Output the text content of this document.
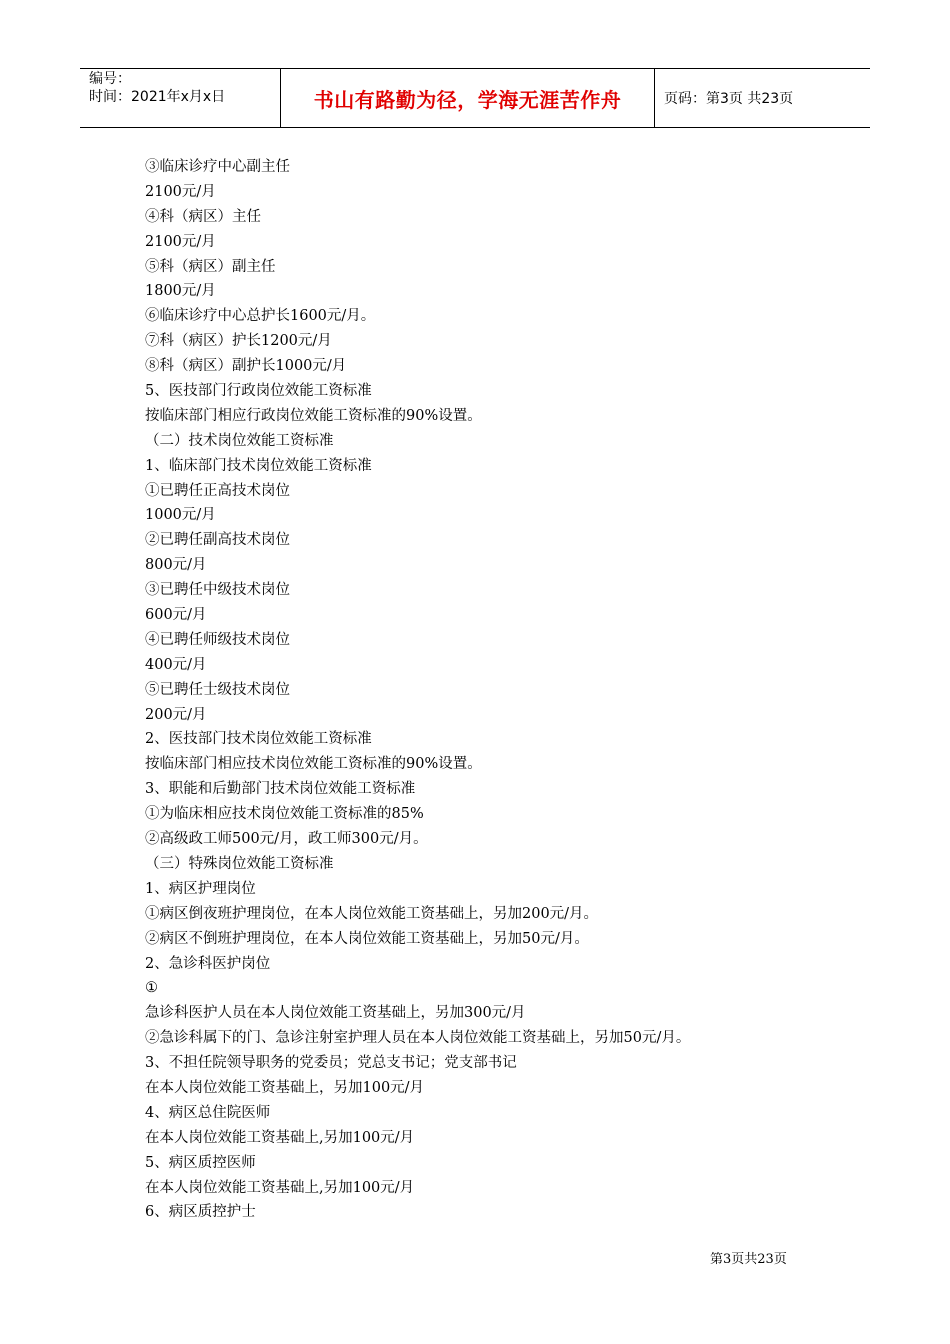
编号：
时间：2021年x月x日	书山有路勤为径，学海无涯苦作舟	页码：第3页 共23页
③临床诊疗中心副主任
2100元/月
④科（病区）主任
2100元/月
⑤科（病区）副主任
1800元/月
⑥临床诊疗中心总护长1600元/月。
⑦科（病区）护长1200元/月
⑧科（病区）副护长1000元/月
5、医技部门行政岗位效能工资标准
按临床部门相应行政岗位效能工资标准的90%设置。
（二）技术岗位效能工资标准
1、临床部门技术岗位效能工资标准
①已聘任正高技术岗位
1000元/月
②已聘任副高技术岗位
800元/月
③已聘任中级技术岗位
600元/月
④已聘任师级技术岗位
400元/月
⑤已聘任士级技术岗位
200元/月
2、医技部门技术岗位效能工资标准
按临床部门相应技术岗位效能工资标准的90%设置。
3、职能和后勤部门技术岗位效能工资标准
①为临床相应技术岗位效能工资标准的85%
②高级政工师500元/月，政工师300元/月。
（三）特殊岗位效能工资标准
1、病区护理岗位
①病区倒夜班护理岗位，在本人岗位效能工资基础上，另加200元/月。
②病区不倒班护理岗位，在本人岗位效能工资基础上，另加50元/月。
2、急诊科医护岗位
①
急诊科医护人员在本人岗位效能工资基础上，另加300元/月
②急诊科属下的门、急诊注射室护理人员在本人岗位效能工资基础上，另加50元/月。
3、不担任院领导职务的党委员；党总支书记；党支部书记
在本人岗位效能工资基础上，另加100元/月
4、病区总住院医师
在本人岗位效能工资基础上,另加100元/月
5、病区质控医师
在本人岗位效能工资基础上,另加100元/月
6、病区质控护士
第3页共23页
